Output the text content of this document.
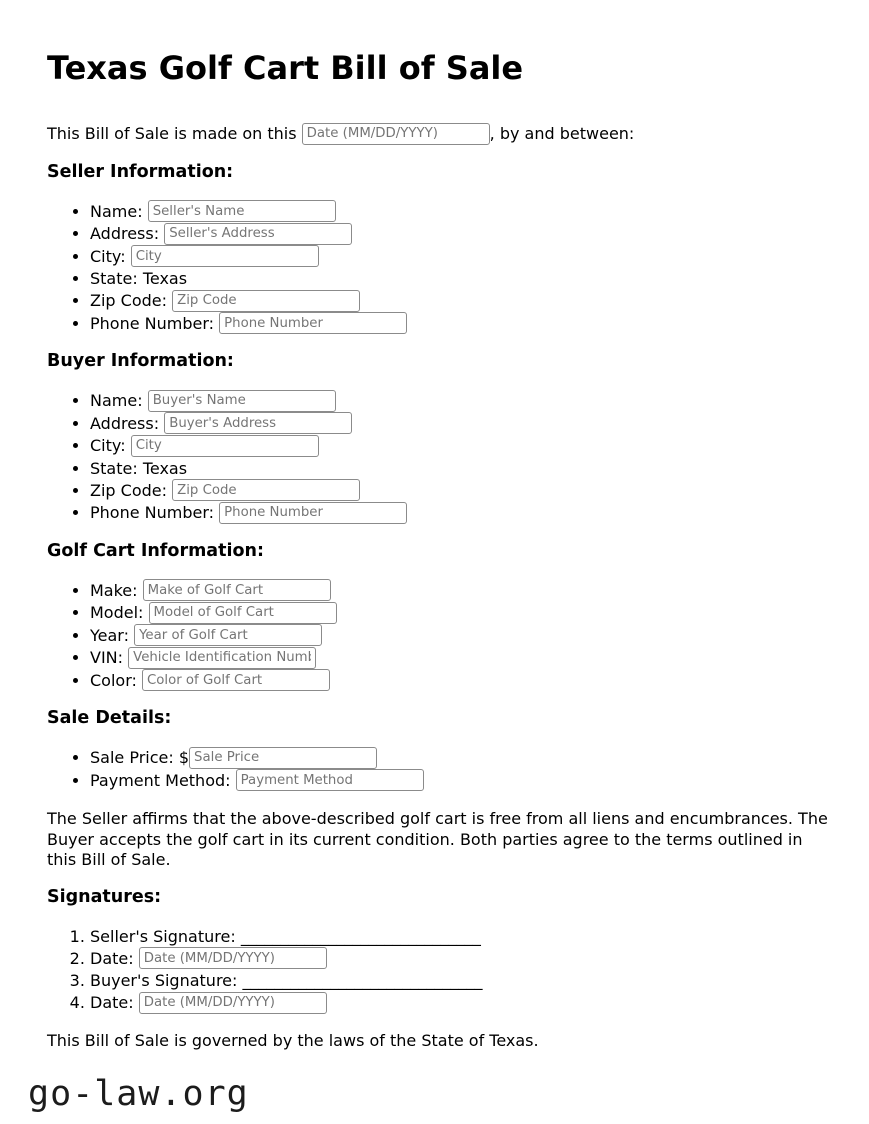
Texas Golf Cart Bill of Sale

This Bill of Sale is made on this Date (MM/DD/YYYY)	, by and between:

Seller Information:
• Name: Seller's Name
• Address: Seller's Address
• City: City
• State: Texas
• Zip Code: Zip Code
• Phone Number: Phone Number
Buyer Information:
• Name: Buyer's Name
• Address: Buyer's Address
• City: City
• State: Texas
• Zip Code: Zip Code
• Phone Number: Phone Number
Golf Cart Information:
• Make: Make of Golf Cart
• Model: Model of Golf Cart
• Year: Year of Golf Cart
• VIN: Vehicle Identification Number
• Color: Color of Golf Cart
Sale Details:
• Sale Price: $Sale Price
• Payment Method: Payment Method

The Seller affirms that the above-described golf cart is free from all liens and encumbrances. The Buyer accepts the golf cart in its current condition. Both parties agree to the terms outlined in this Bill of Sale.

Signatures:
1. Seller's Signature: ______________________________
2. Date: Date (MM/DD/YYYY)
3. Buyer's Signature: ______________________________
4. Date: Date (MM/DD/YYYY)

This Bill of Sale is governed by the laws of the State of Texas.

go-law.org
